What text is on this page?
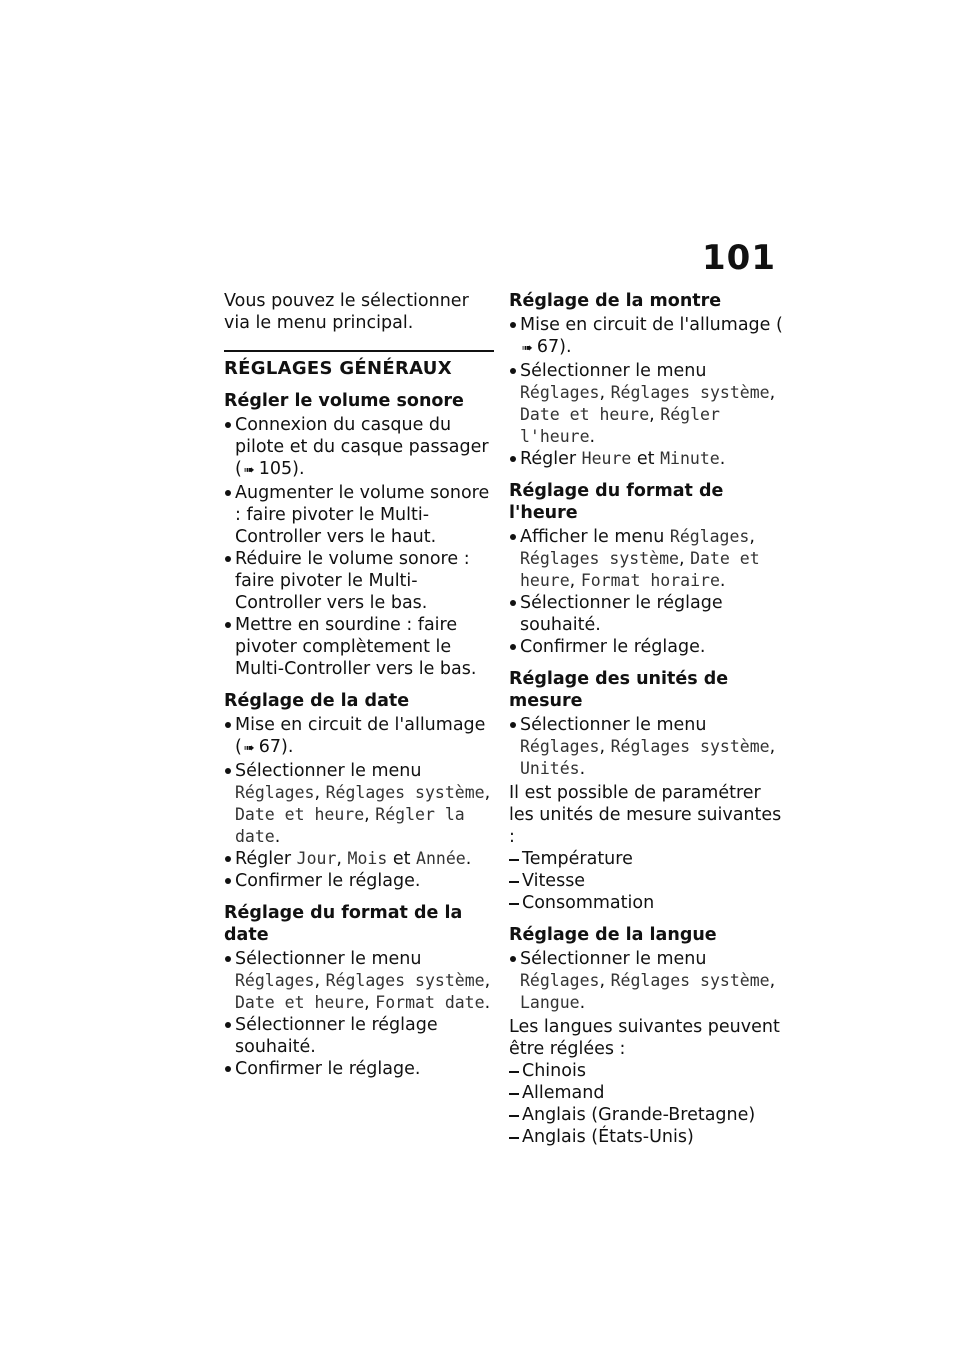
101

Vous pouvez le sélectionner via le menu principal.

RÉGLAGES GÉNÉRAUX

Régler le volume sonore

Connexion du casque du pilote et du casque passager ( ➠ 105).

Augmenter le volume sonore : faire pivoter le Multi-Controller vers le haut.

Réduire le volume sonore : faire pivoter le Multi-Controller vers le bas.

Mettre en sourdine : faire pivoter complètement le Multi-Controller vers le bas.

Réglage de la date

Mise en circuit de l'allumage ( ➠ 67).

Sélectionner le menu Réglages, Réglages système, Date et heure, Régler la date.

Régler Jour, Mois et Année.

Confirmer le réglage.

Réglage du format de la date

Sélectionner le menu Réglages, Réglages système, Date et heure, Format date.

Sélectionner le réglage souhaité.

Confirmer le réglage.

Réglage de la montre

Mise en circuit de l'allumage (➠ 67).

Sélectionner le menu Réglages, Réglages système, Date et heure, Régler l'heure.

Régler Heure et Minute.

Réglage du format de l'heure

Afficher le menu Réglages, Réglages système, Date et heure, Format horaire.

Sélectionner le réglage souhaité.

Confirmer le réglage.

Réglage des unités de mesure

Sélectionner le menu Réglages, Réglages système, Unités.

Il est possible de paramétrer les unités de mesure suivantes :

Température

Vitesse

Consommation

Réglage de la langue

Sélectionner le menu Réglages, Réglages système, Langue.

Les langues suivantes peuvent être réglées :

Chinois

Allemand

Anglais (Grande-Bretagne)

Anglais (États-Unis)
